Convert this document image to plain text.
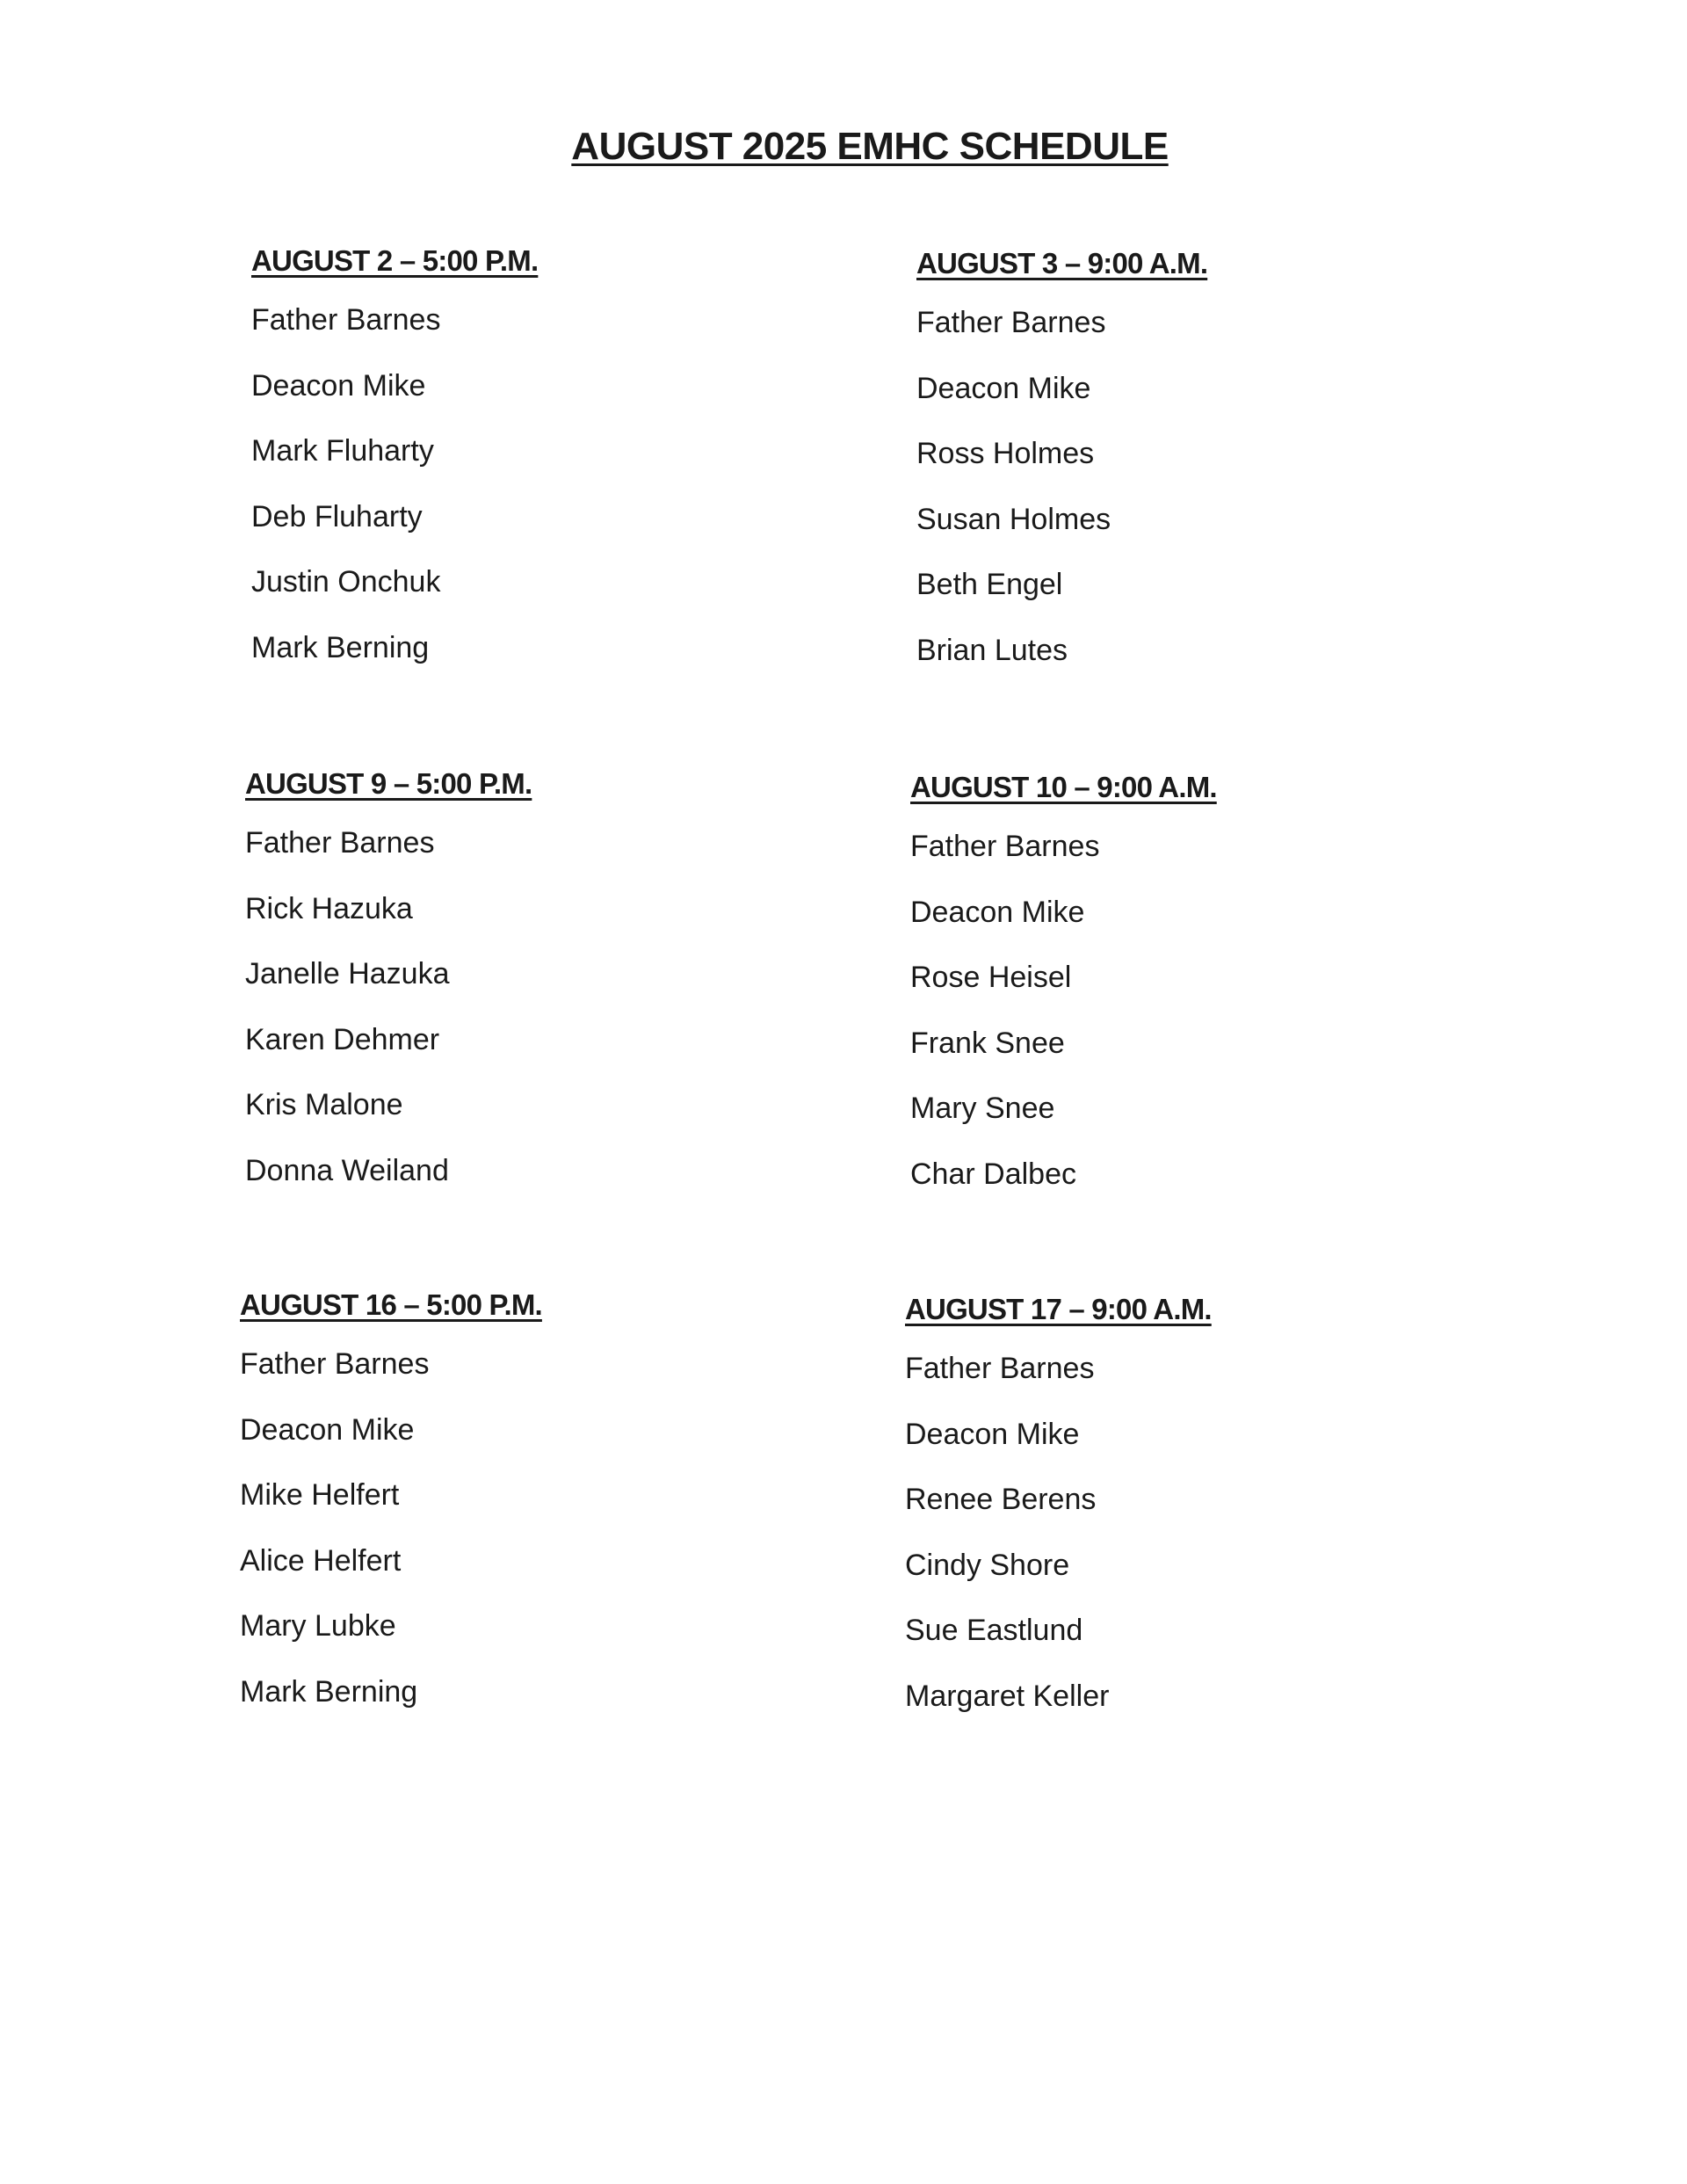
AUGUST 2025 EMHC SCHEDULE
AUGUST 2 – 5:00 P.M.
Father Barnes
Deacon Mike
Mark Fluharty
Deb Fluharty
Justin Onchuk
Mark Berning
AUGUST 3 – 9:00 A.M.
Father Barnes
Deacon Mike
Ross Holmes
Susan Holmes
Beth Engel
Brian Lutes
AUGUST 9 – 5:00 P.M.
Father Barnes
Rick Hazuka
Janelle Hazuka
Karen Dehmer
Kris Malone
Donna Weiland
AUGUST 10 – 9:00 A.M.
Father Barnes
Deacon Mike
Rose Heisel
Frank Snee
Mary Snee
Char Dalbec
AUGUST 16 – 5:00 P.M.
Father Barnes
Deacon Mike
Mike Helfert
Alice Helfert
Mary Lubke
Mark Berning
AUGUST 17 – 9:00 A.M.
Father Barnes
Deacon Mike
Renee Berens
Cindy Shore
Sue Eastlund
Margaret Keller
